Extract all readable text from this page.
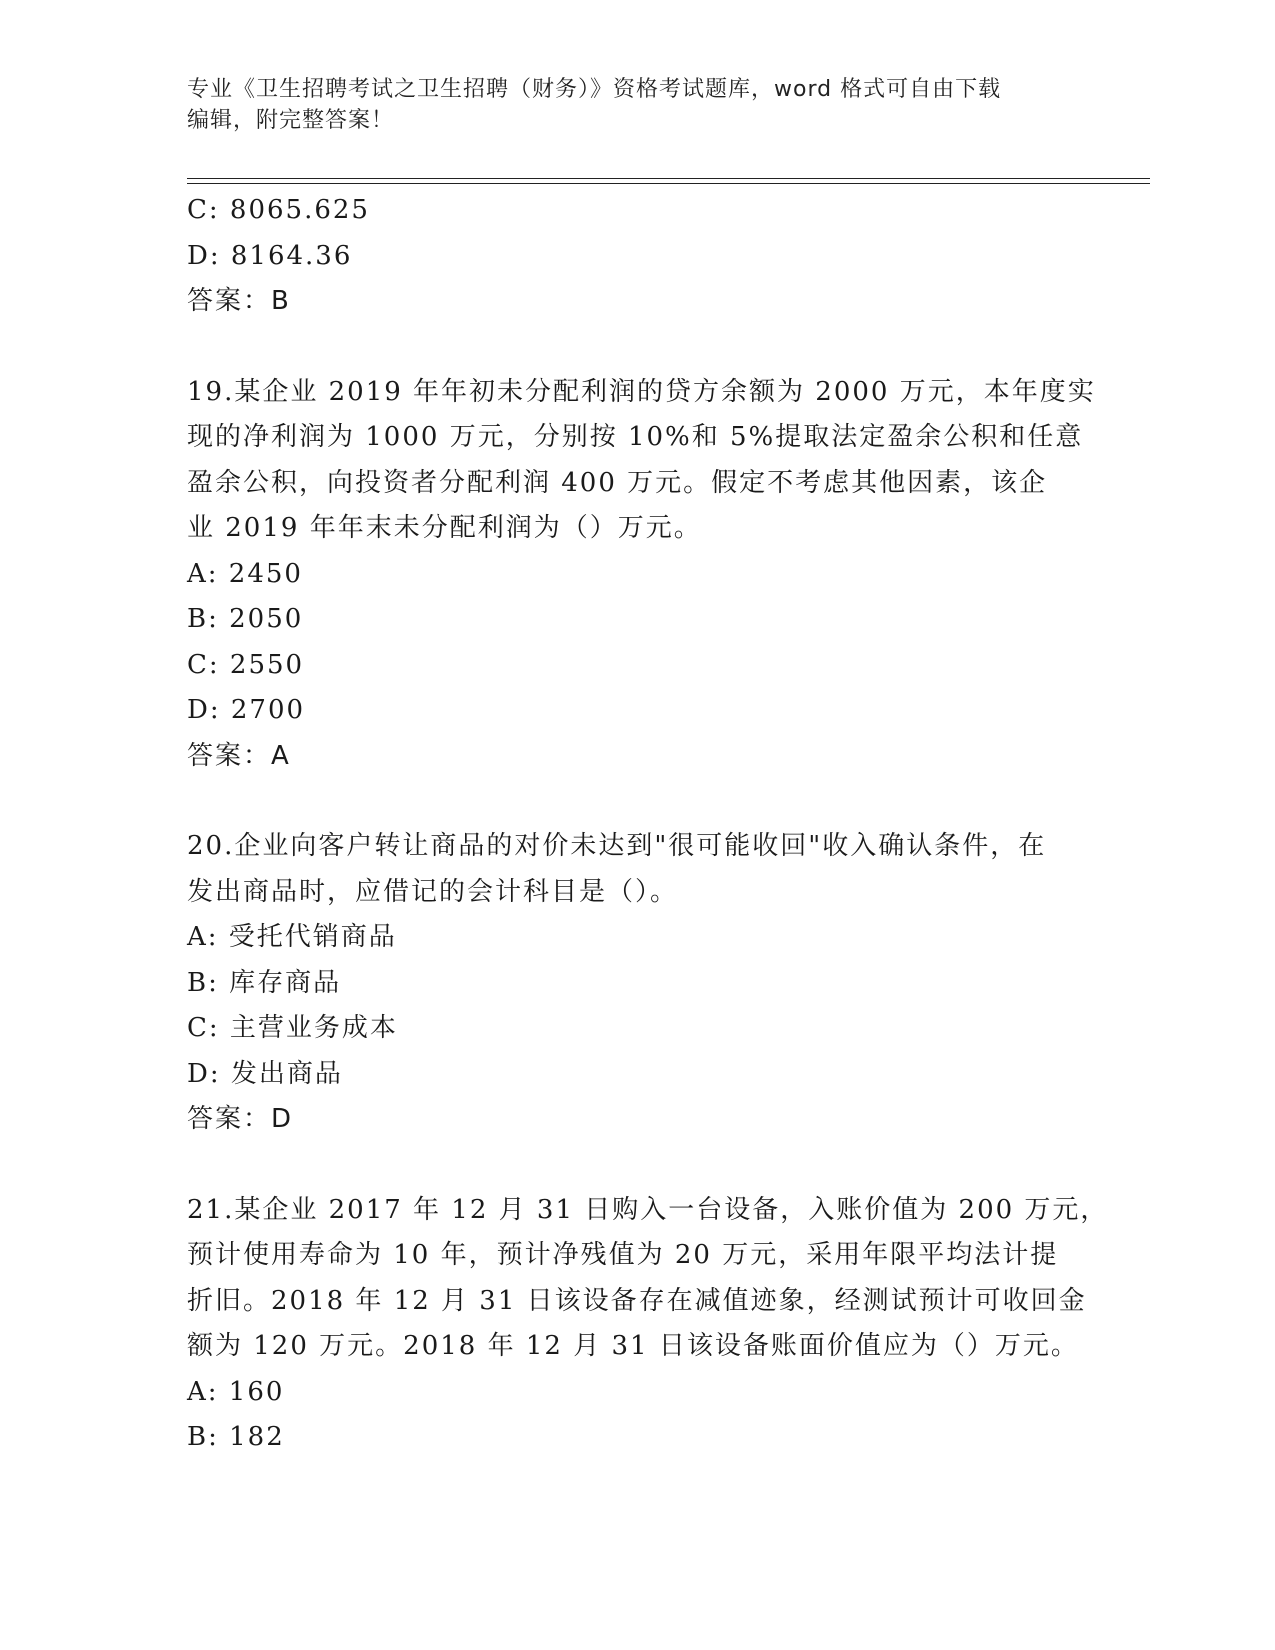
专业《卫生招聘考试之卫生招聘（财务）》资格考试题库，word 格式可自由下载
编辑，附完整答案！
C: 8065.625
D: 8164.36
答案：B
19.某企业 2019 年年初未分配利润的贷方余额为 2000 万元，本年度实
现的净利润为 1000 万元，分别按 10%和 5%提取法定盈余公积和任意
盈余公积，向投资者分配利润 400 万元。假定不考虑其他因素，该企
业 2019 年年末未分配利润为（）万元。
A: 2450
B: 2050
C: 2550
D: 2700
答案：A
20.企业向客户转让商品的对价未达到"很可能收回"收入确认条件，在
发出商品时，应借记的会计科目是（）。
A: 受托代销商品
B: 库存商品
C: 主营业务成本
D: 发出商品
答案：D
21.某企业 2017 年 12 月 31 日购入一台设备，入账价值为 200 万元，
预计使用寿命为 10 年，预计净残值为 20 万元，采用年限平均法计提
折旧。2018 年 12 月 31 日该设备存在减值迹象，经测试预计可收回金
额为 120 万元。2018 年 12 月 31 日该设备账面价值应为（）万元。
A: 160
B: 182
